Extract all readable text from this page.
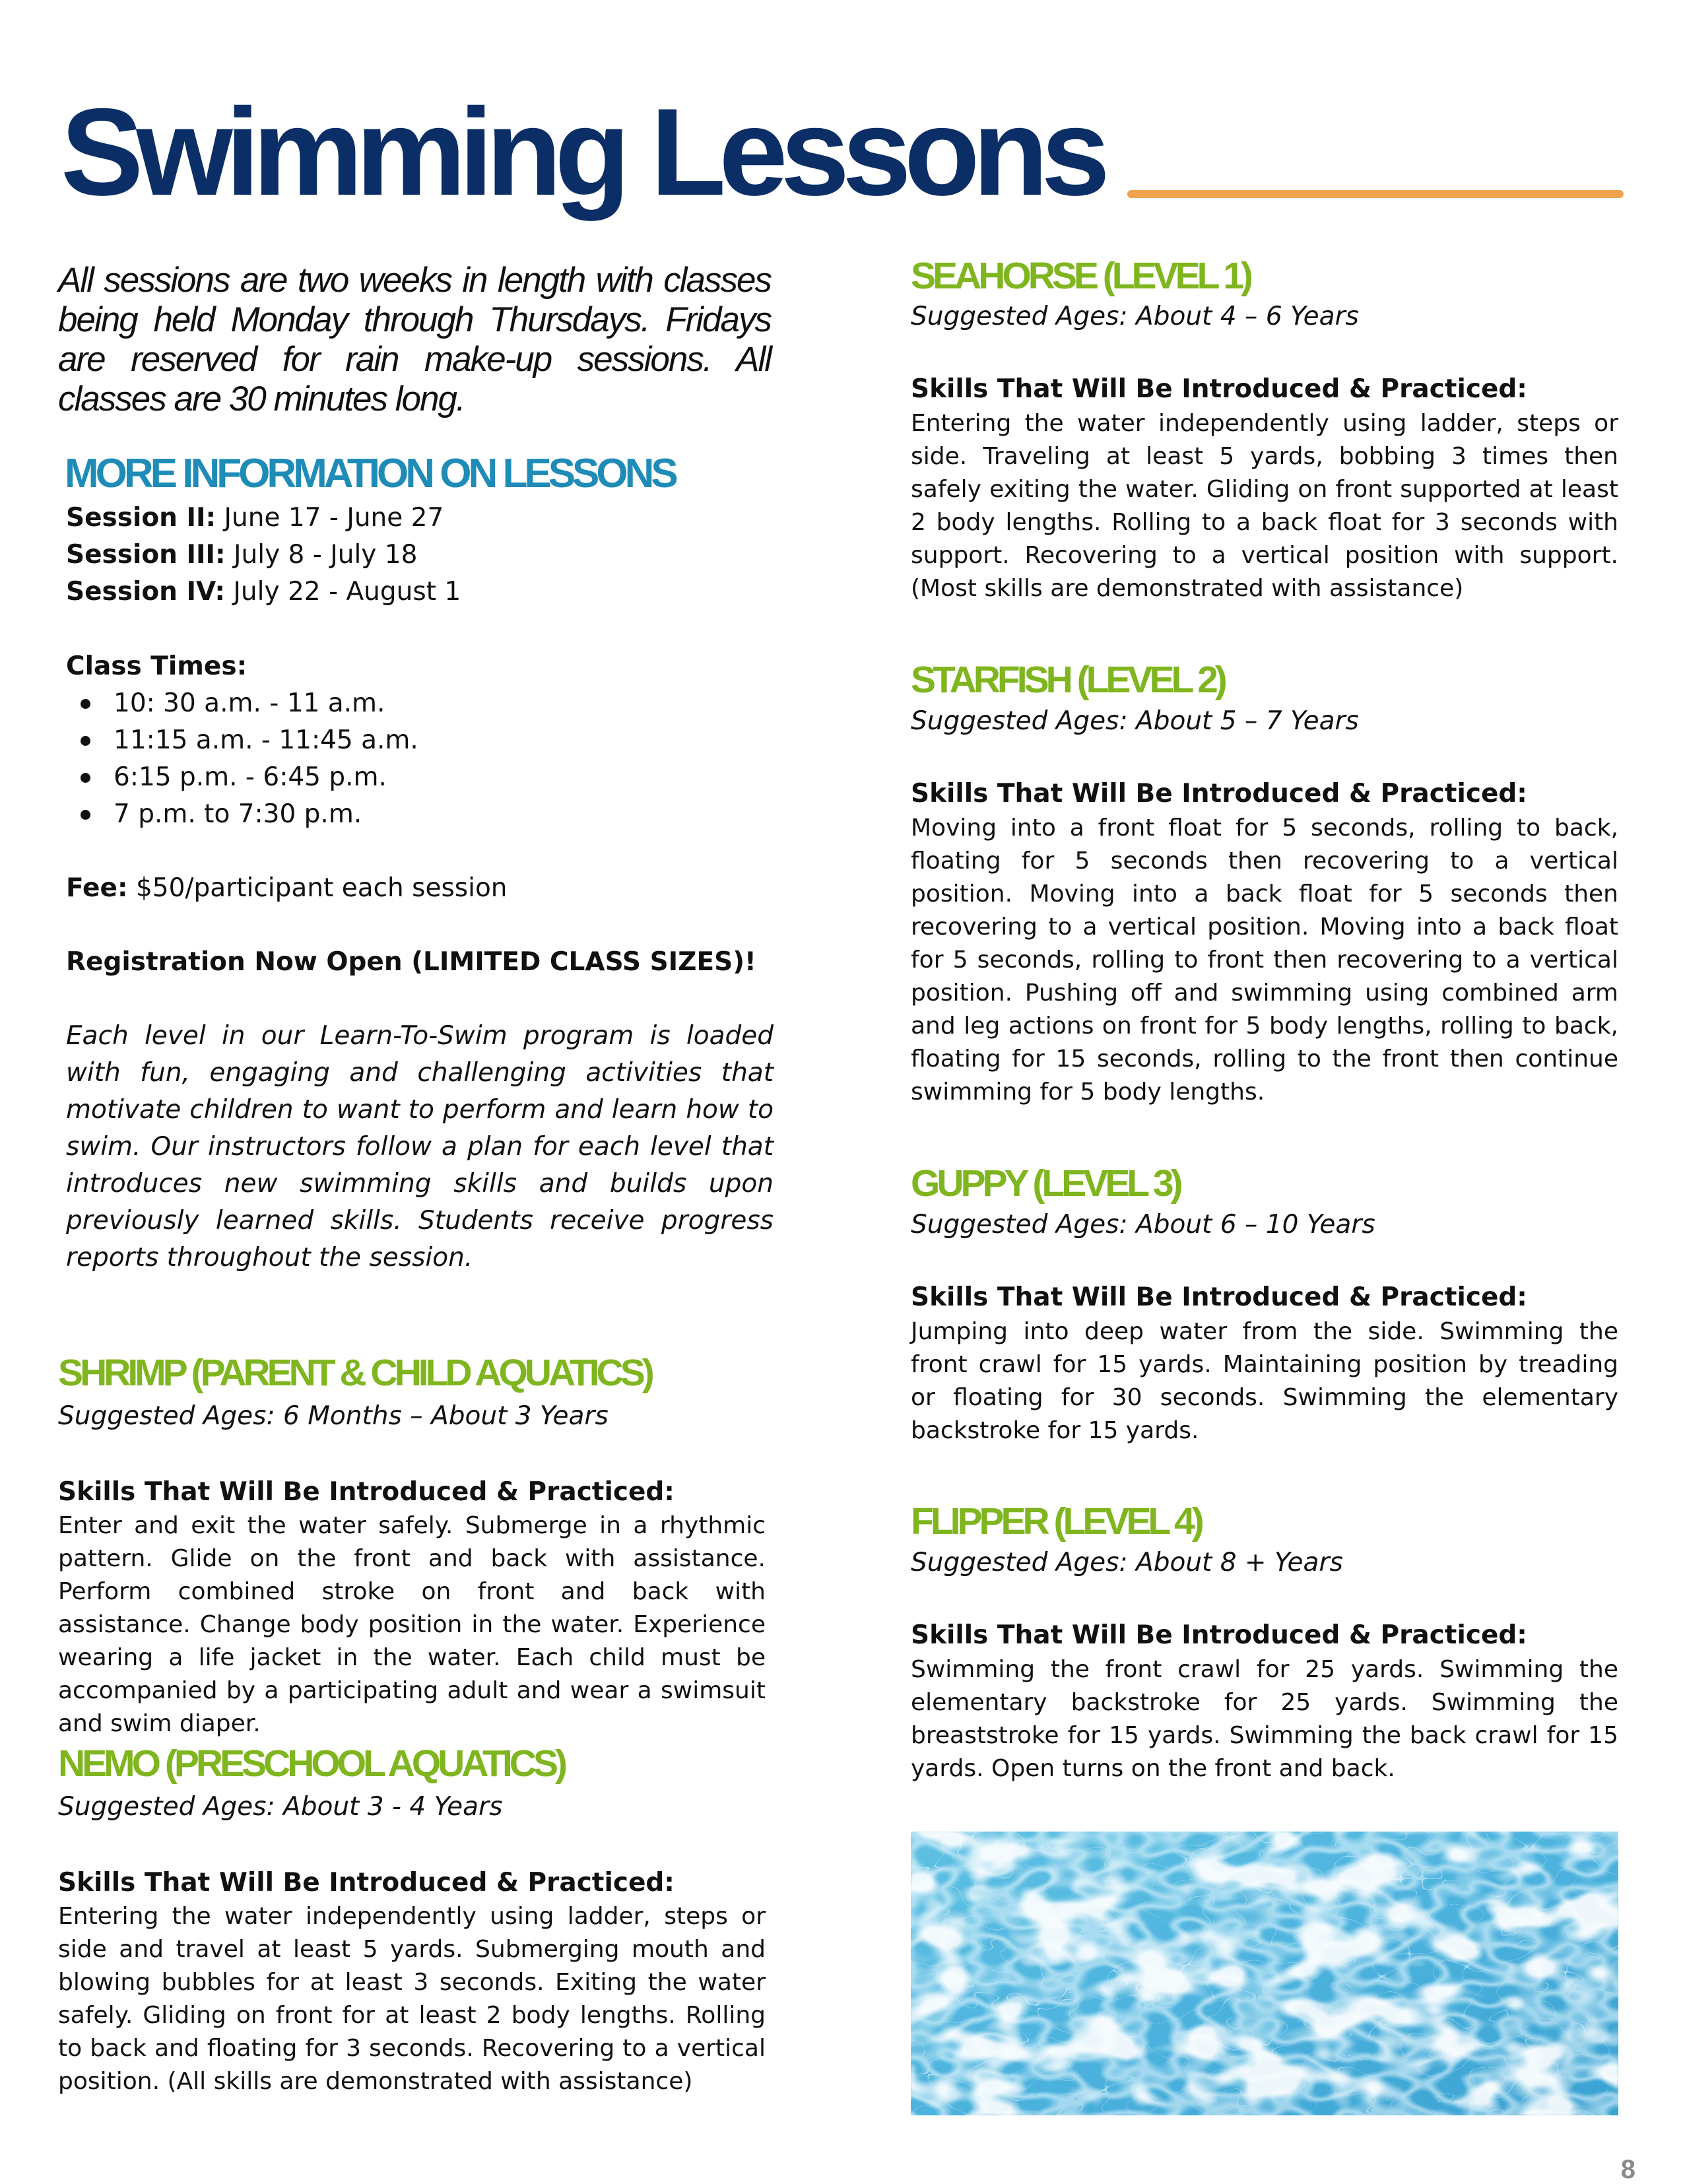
Swimming Lessons
All sessions are two weeks in length with classes being held Monday through Thursdays. Fridays are reserved for rain make-up sessions. All classes are 30 minutes long.
MORE INFORMATION ON LESSONS
Session II: June 17 - June 27
Session III: July 8 - July 18
Session IV: July 22 - August 1
Class Times:
10: 30 a.m. - 11 a.m.
11:15 a.m. - 11:45 a.m.
6:15 p.m. - 6:45 p.m.
7 p.m. to 7:30 p.m.
Fee: $50/participant each session
Registration Now Open (LIMITED CLASS SIZES)!
Each level in our Learn-To-Swim program is loaded with fun, engaging and challenging activities that motivate children to want to perform and learn how to swim. Our instructors follow a plan for each level that introduces new swimming skills and builds upon previously learned skills. Students receive progress reports throughout the session.
SHRIMP (PARENT & CHILD AQUATICS)
Suggested Ages: 6 Months – About 3 Years
Skills That Will Be Introduced & Practiced:
Enter and exit the water safely. Submerge in a rhythmic pattern. Glide on the front and back with assistance. Perform combined stroke on front and back with assistance. Change body position in the water. Experience wearing a life jacket in the water. Each child must be accompanied by a participating adult and wear a swimsuit and swim diaper.
NEMO (PRESCHOOL AQUATICS)
Suggested Ages: About 3 - 4 Years
Skills That Will Be Introduced & Practiced:
Entering the water independently using ladder, steps or side and travel at least 5 yards. Submerging mouth and blowing bubbles for at least 3 seconds. Exiting the water safely. Gliding on front for at least 2 body lengths. Rolling to back and floating for 3 seconds. Recovering to a vertical position. (All skills are demonstrated with assistance)
SEAHORSE (LEVEL 1)
Suggested Ages: About 4 – 6 Years
Skills That Will Be Introduced & Practiced:
Entering the water independently using ladder, steps or side. Traveling at least 5 yards, bobbing 3 times then safely exiting the water. Gliding on front supported at least 2 body lengths. Rolling to a back float for 3 seconds with support. Recovering to a vertical position with support. (Most skills are demonstrated with assistance)
STARFISH (LEVEL 2)
Suggested Ages: About 5 – 7 Years
Skills That Will Be Introduced & Practiced:
Moving into a front float for 5 seconds, rolling to back, floating for 5 seconds then recovering to a vertical position. Moving into a back float for 5 seconds then recovering to a vertical position. Moving into a back float for 5 seconds, rolling to front then recovering to a vertical position. Pushing off and swimming using combined arm and leg actions on front for 5 body lengths, rolling to back, floating for 15 seconds, rolling to the front then continue swimming for 5 body lengths.
GUPPY (LEVEL 3)
Suggested Ages: About 6 – 10 Years
Skills That Will Be Introduced & Practiced:
Jumping into deep water from the side. Swimming the front crawl for 15 yards. Maintaining position by treading or floating for 30 seconds. Swimming the elementary backstroke for 15 yards.
FLIPPER (LEVEL 4)
Suggested Ages: About 8 + Years
Skills That Will Be Introduced & Practiced:
Swimming the front crawl for 25 yards. Swimming the elementary backstroke for 25 yards. Swimming the breaststroke for 15 yards. Swimming the back crawl for 15 yards. Open turns on the front and back.
8
